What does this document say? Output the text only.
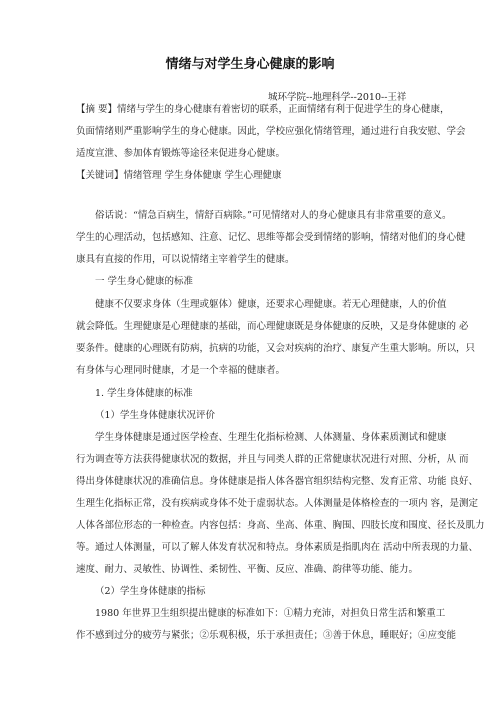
情绪与对学生身心健康的影响
城环学院--地理科学--2010--王祥
【摘 要】情绪与学生的身心健康有着密切的联系，正面情绪有利于促进学生的身心健康，
负面情绪则严重影响学生的身心健康。因此，学校应强化情绪管理，通过进行自我安慰、学会
适度宣泄、参加体育锻炼等途径来促进身心健康。
【关键词】情绪管理 学生身体健康 学生心理健康
俗话说：“情急百病生，情舒百病除。”可见情绪对人的身心健康具有非常重要的意义。
学生的心理活动，包括感知、注意、记忆、思维等都会受到情绪的影响，情绪对他们的身心健
康具有直接的作用，可以说情绪主宰着学生的健康。
一 学生身心健康的标准
健康不仅要求身体（生理或躯体）健康，还要求心理健康。若无心理健康，人的价值
就会降低。生理健康是心理健康的基础，而心理健康既是身体健康的反映，又是身体健康的 必
要条件。健康的心理既有防病，抗病的功能，又会对疾病的治疗、康复产生重大影响。所以，只
有身体与心理同时健康，才是一个幸福的健康者。
1. 学生身体健康的标准
（1）学生身体健康状况评价
学生身体健康是通过医学检查、生理生化指标检测、人体测量、身体素质测试和健康
行为调查等方法获得健康状况的数据，并且与同类人群的正常健康状况进行对照、分析，从 而
得出身体健康状况的准确信息。身体健康是指人体各器官组织结构完整、发育正常、功能 良好、
生理生化指标正常，没有疾病或身体不处于虚弱状态。人体测量是体格检查的一项内 容，是测定
人体各部位形态的一种检查。内容包括：身高、坐高、体重、胸围、四肢长度和围度、径长及肌力
等。通过人体测量，可以了解人体发育状况和特点。身体素质是指肌肉在 活动中所表现的力量、
速度、耐力、灵敏性、协调性、柔韧性、平衡、反应、准确、韵律等功能、能力。
（2）学生身体健康的指标
1980 年世界卫生组织提出健康的标准如下：①精力充沛，对担负日常生活和繁重工
作不感到过分的疲劳与紧张；②乐观积极，乐于承担责任；③善于休息，睡眠好；④应变能
